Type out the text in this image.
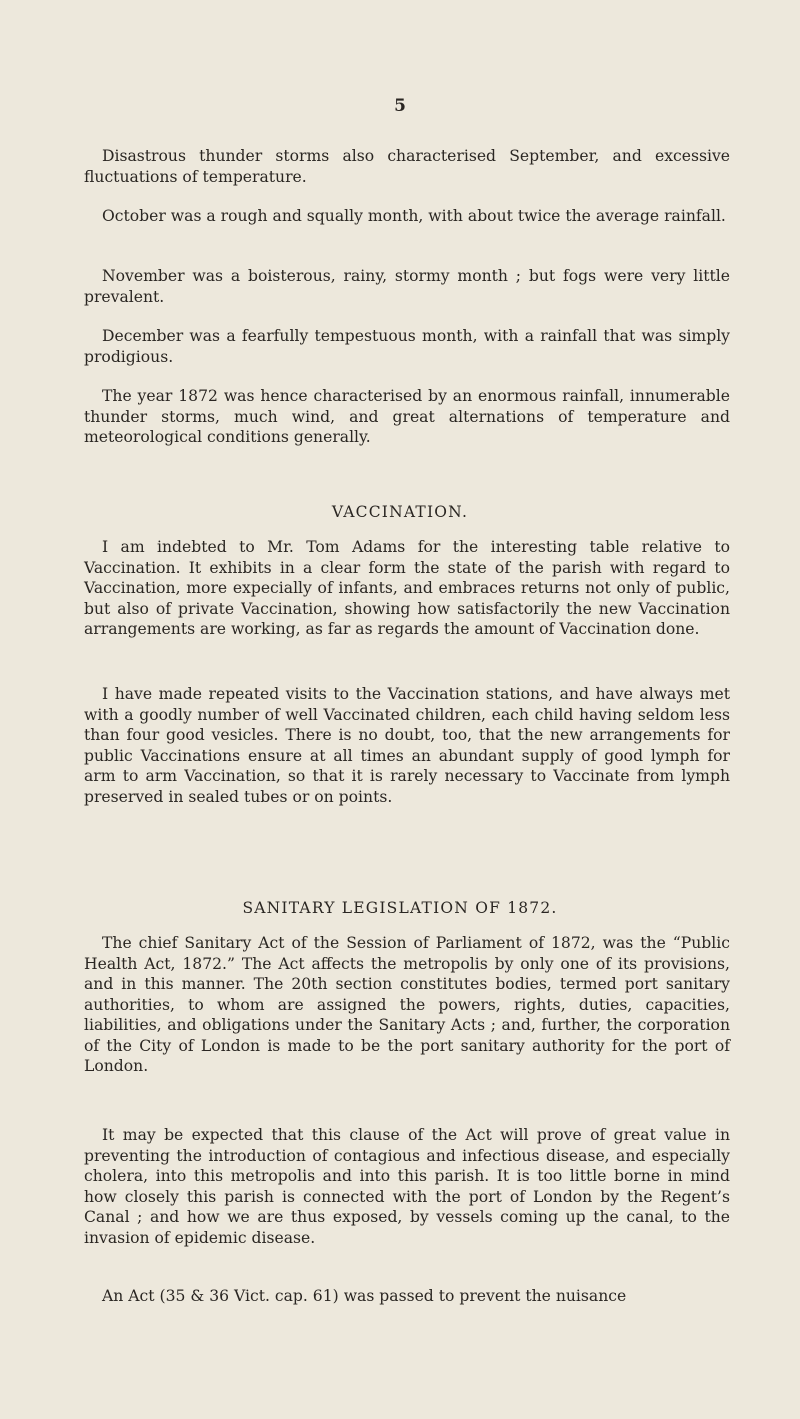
5

Disastrous thunder storms also characterised September, and excessive fluctuations of temperature.

October was a rough and squally month, with about twice the average rainfall.

November was a boisterous, rainy, stormy month ; but fogs were very little prevalent.

December was a fearfully tempestuous month, with a rainfall that was simply prodigious.

The year 1872 was hence characterised by an enormous rainfall, innumerable thunder storms, much wind, and great alternations of temperature and meteorological conditions generally.

VACCINATION.

I am indebted to Mr. Tom Adams for the interesting table relative to Vaccination. It exhibits in a clear form the state of the parish with regard to Vaccination, more expecially of infants, and embraces returns not only of public, but also of private Vaccination, showing how satisfactorily the new Vaccination arrangements are working, as far as regards the amount of Vaccination done.

I have made repeated visits to the Vaccination stations, and have always met with a goodly number of well Vaccinated children, each child having seldom less than four good vesicles. There is no doubt, too, that the new arrangements for public Vaccinations ensure at all times an abundant supply of good lymph for arm to arm Vaccination, so that it is rarely necessary to Vaccinate from lymph preserved in sealed tubes or on points.

SANITARY LEGISLATION OF 1872.

The chief Sanitary Act of the Session of Parliament of 1872, was the “Public Health Act, 1872.” The Act affects the metropolis by only one of its provisions, and in this manner. The 20th section constitutes bodies, termed port sanitary authorities, to whom are assigned the powers, rights, duties, capacities, liabilities, and obligations under the Sanitary Acts ; and, further, the corporation of the City of London is made to be the port sanitary authority for the port of London.

It may be expected that this clause of the Act will prove of great value in preventing the introduction of contagious and infectious disease, and especially cholera, into this metropolis and into this parish. It is too little borne in mind how closely this parish is connected with the port of London by the Regent’s Canal ; and how we are thus exposed, by vessels coming up the canal, to the invasion of epidemic disease.

An Act (35 & 36 Vict. cap. 61) was passed to prevent the nuisance
